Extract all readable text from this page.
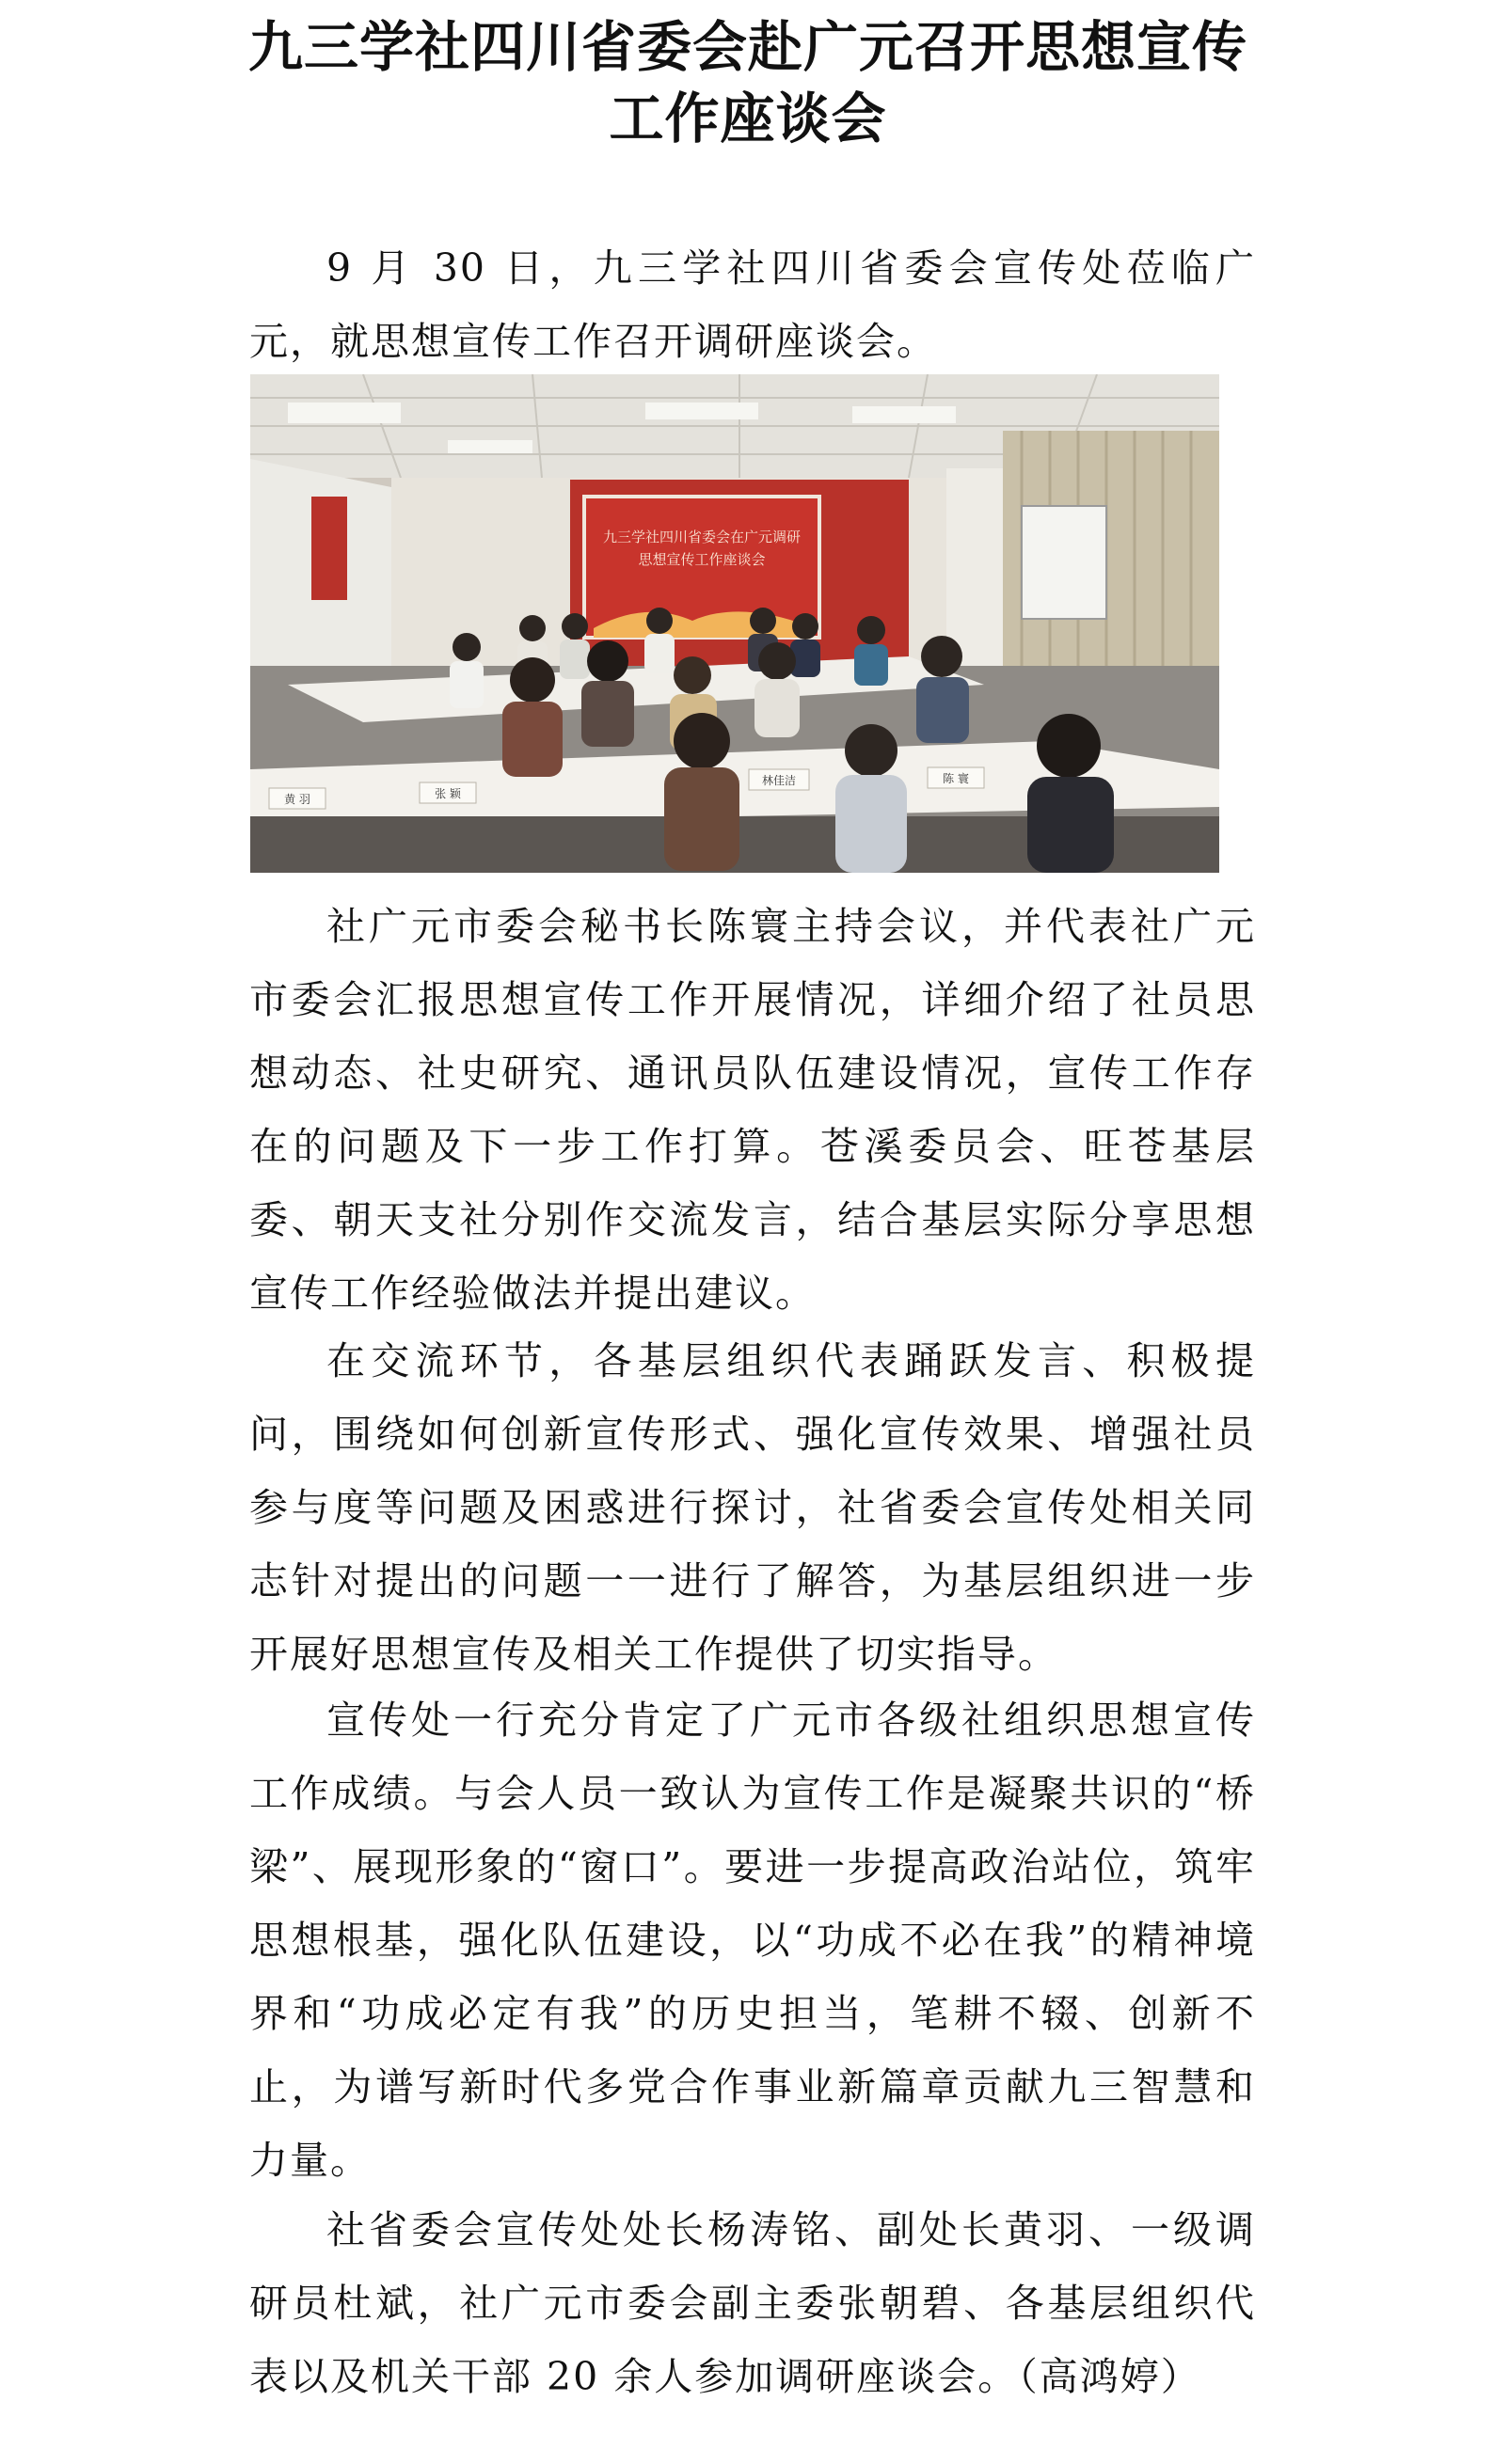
九三学社四川省委会赴广元召开思想宣传工作座谈会

9 月 30 日，九三学社四川省委会宣传处莅临广元，就思想宣传工作召开调研座谈会。

九三学社四川省委会在广元调研
思想宣传工作座谈会
黄 羽	张 颖
林佳洁	陈 寰

社广元市委会秘书长陈寰主持会议，并代表社广元市委会汇报思想宣传工作开展情况，详细介绍了社员思想动态、社史研究、通讯员队伍建设情况，宣传工作存在的问题及下一步工作打算。苍溪委员会、旺苍基层委、朝天支社分别作交流发言，结合基层实际分享思想宣传工作经验做法并提出建议。

在交流环节，各基层组织代表踊跃发言、积极提问，围绕如何创新宣传形式、强化宣传效果、增强社员参与度等问题及困惑进行探讨，社省委会宣传处相关同志针对提出的问题一一进行了解答，为基层组织进一步开展好思想宣传及相关工作提供了切实指导。

宣传处一行充分肯定了广元市各级社组织思想宣传工作成绩。与会人员一致认为宣传工作是凝聚共识的“桥梁”、展现形象的“窗口”。要进一步提高政治站位，筑牢思想根基，强化队伍建设，以“功成不必在我”的精神境界和“功成必定有我”的历史担当，笔耕不辍、创新不止，为谱写新时代多党合作事业新篇章贡献九三智慧和力量。

社省委会宣传处处长杨涛铭、副处长黄羽、一级调研员杜斌，社广元市委会副主委张朝碧、各基层组织代表以及机关干部 20 余人参加调研座谈会。（高鸿婷）
